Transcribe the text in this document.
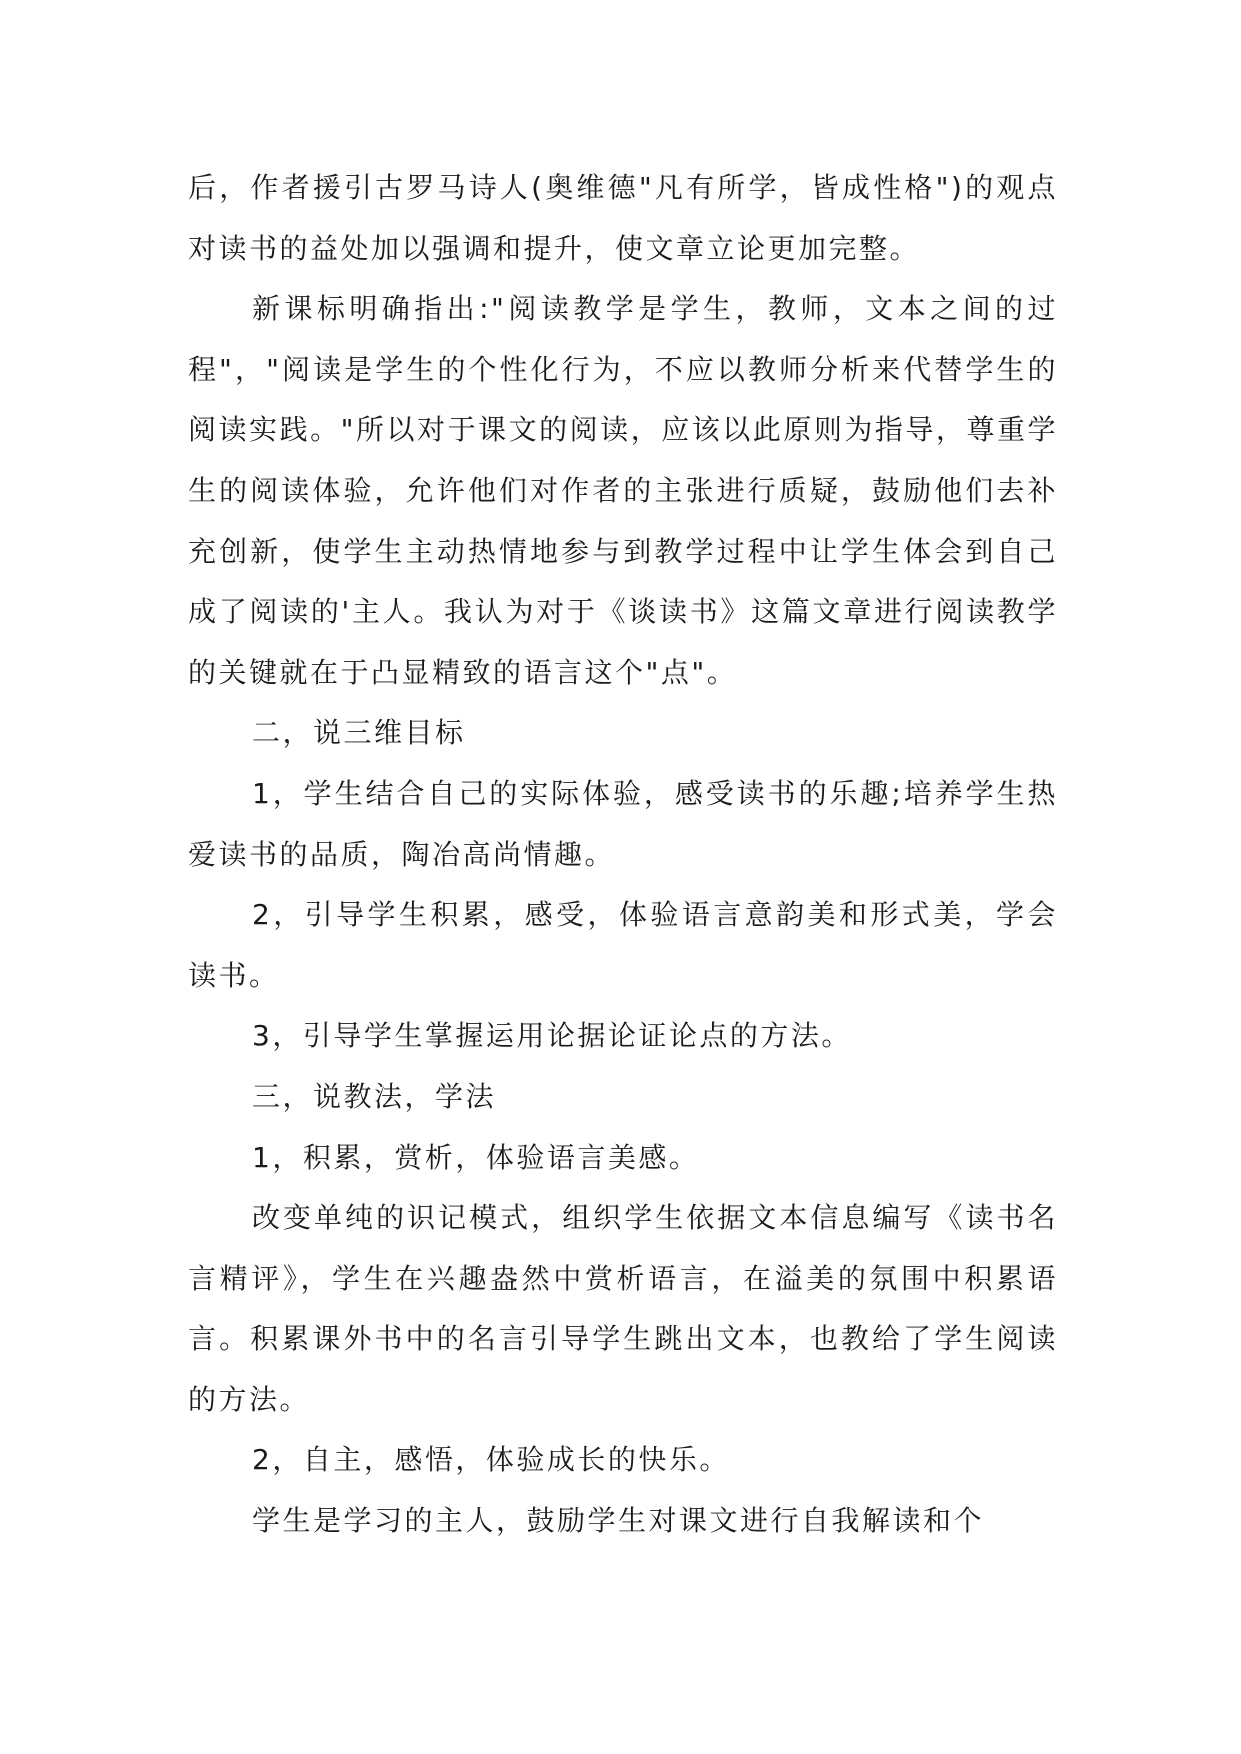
后，作者援引古罗马诗人(奥维德"凡有所学，皆成性格")的观点对读书的益处加以强调和提升，使文章立论更加完整。

新课标明确指出:"阅读教学是学生，教师，文本之间的过程"，"阅读是学生的个性化行为，不应以教师分析来代替学生的阅读实践。"所以对于课文的阅读，应该以此原则为指导，尊重学生的阅读体验，允许他们对作者的主张进行质疑，鼓励他们去补充创新，使学生主动热情地参与到教学过程中让学生体会到自己成了阅读的'主人。我认为对于《谈读书》这篇文章进行阅读教学的关键就在于凸显精致的语言这个"点"。

二，说三维目标

1，学生结合自己的实际体验，感受读书的乐趣;培养学生热爱读书的品质，陶冶高尚情趣。

2，引导学生积累，感受，体验语言意韵美和形式美，学会读书。

3，引导学生掌握运用论据论证论点的方法。

三，说教法，学法

1，积累，赏析，体验语言美感。

改变单纯的识记模式，组织学生依据文本信息编写《读书名言精评》，学生在兴趣盎然中赏析语言，在溢美的氛围中积累语言。积累课外书中的名言引导学生跳出文本，也教给了学生阅读的方法。

2，自主，感悟，体验成长的快乐。

学生是学习的主人，鼓励学生对课文进行自我解读和个
